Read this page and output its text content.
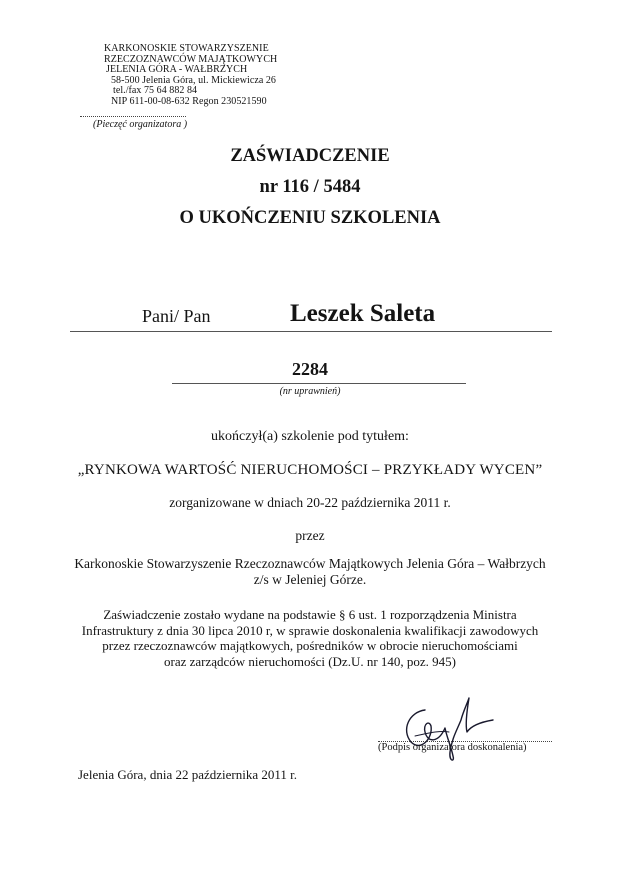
KARKONOSKIE STOWARZYSZENIE
RZECZOZNAWCÓW MAJĄTKOWYCH
JELENIA GÓRA - WAŁBRZYCH
58-500 Jelenia Góra, ul. Mickiewicza 26
tel./fax 75 64 882 84
NIP 611-00-08-632 Regon 230521590
(Pieczęć organizatora )
ZAŚWIADCZENIE
nr 116 / 5484
O UKOŃCZENIU SZKOLENIA
Pani/ Pan	Leszek Saleta
2284
(nr uprawnień)
ukończył(a) szkolenie pod tytułem:
„RYNKOWA WARTOŚĆ NIERUCHOMOŚCI – PRZYKŁADY WYCEN”
zorganizowane w dniach 20-22 października 2011 r.
przez
Karkonoskie Stowarzyszenie Rzeczoznawców Majątkowych Jelenia Góra – Wałbrzych
z/s w Jeleniej Górze.
Zaświadczenie zostało wydane na podstawie § 6 ust. 1 rozporządzenia Ministra
Infrastruktury z dnia 30 lipca 2010 r, w sprawie doskonalenia kwalifikacji zawodowych
przez rzeczoznawców majątkowych, pośredników w obrocie nieruchomościami
oraz zarządców nieruchomości (Dz.U. nr 140, poz. 945)
(Podpis organizatora doskonalenia)
Jelenia Góra, dnia 22 października 2011 r.
